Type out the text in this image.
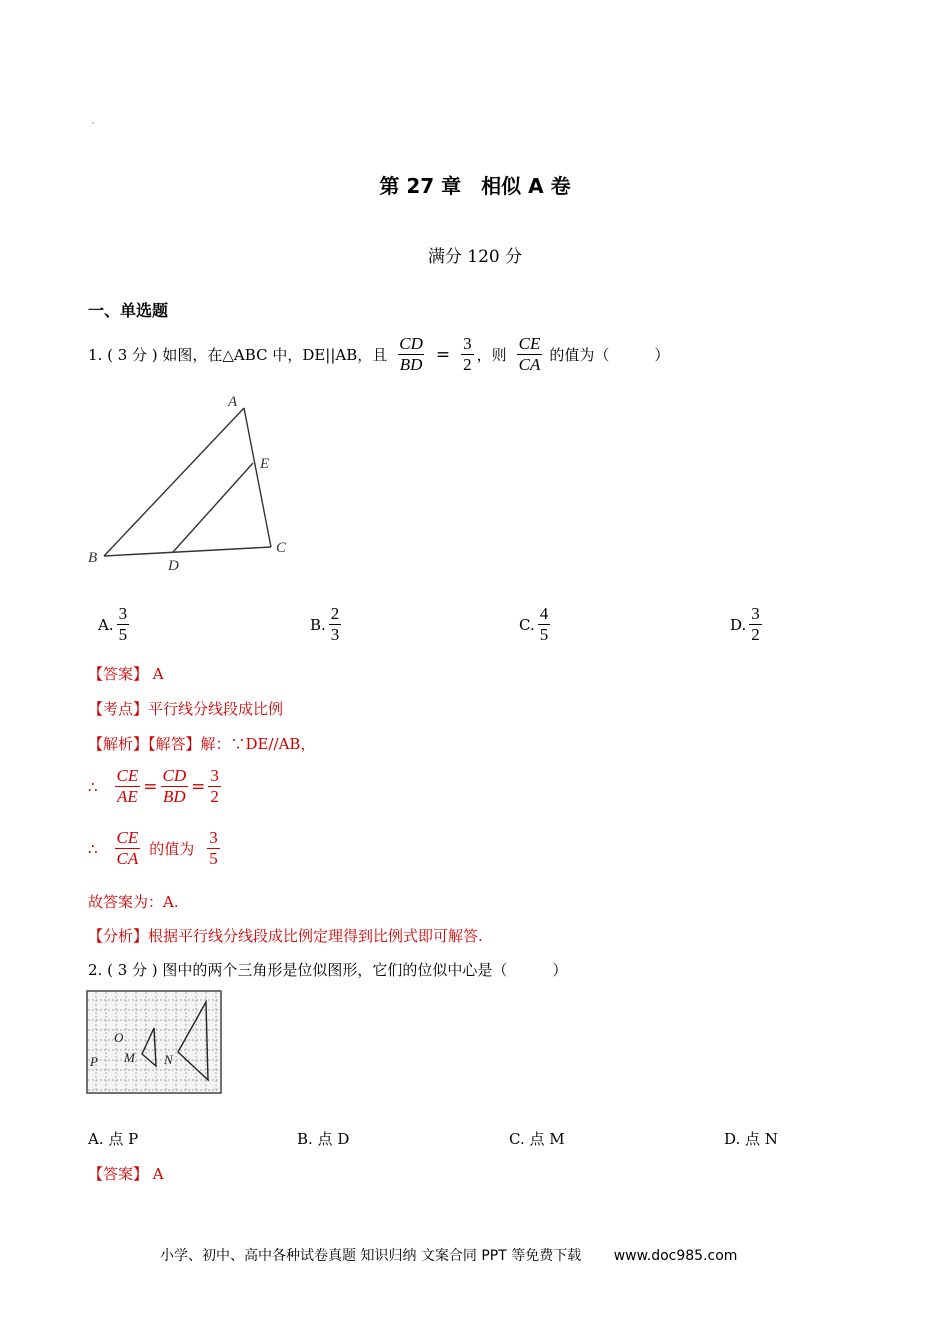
,
第 27 章　相似 A 卷
满分 120 分
一、单选题
1. ( 3 分 ) 如图，在△ABC 中，DE||AB，且 $\frac{CD}{BD} = \frac{3}{2}$ ，则 $\frac{CE}{CA}$ 的值为（　　　）
A
E
B	D
C
A. $\frac{3}{5}$	B. $\frac{2}{3}$	C. $\frac{4}{5}$	D. $\frac{3}{2}$
【答案】 A
【考点】平行线分线段成比例
【解析】【解答】解：∵DE//AB，
∴ $\frac{CE}{AE} = \frac{CD}{BD} = \frac{3}{2}$
∴ $\frac{CE}{CA}$ 的值为 $\frac{3}{5}$
故答案为：A.
【分析】根据平行线分线段成比例定理得到比例式即可解答.
2. ( 3 分 ) 图中的两个三角形是位似图形，它们的位似中心是（　　　）
O
P M N
A. 点 P	B. 点 D	C. 点 M	D. 点 N
【答案】 A
小学、初中、高中各种试卷真题 知识归纳 文案合同 PPT 等免费下载 www.doc985.com
